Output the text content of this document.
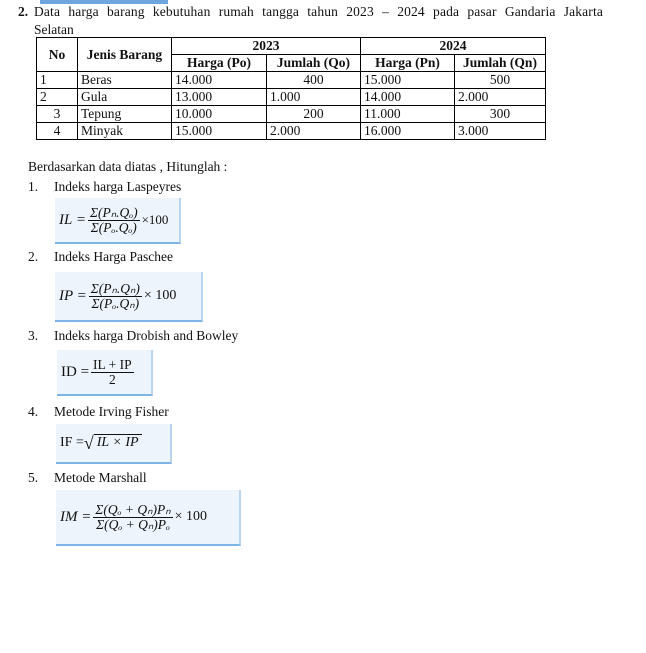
2. Data harga barang kebutuhan rumah tangga tahun 2023 – 2024 pada pasar Gandaria Jakarta
Selatan
No	Jenis Barang	2023		2024	
		Harga (Po)	Jumlah (Qo)	Harga (Pn)	Jumlah (Qn)
1	Beras	14.000	400	15.000	500
2	Gula	13.000	1.000	14.000	2.000
3	Tepung	10.000	200	11.000	300
4	Minyak	15.000	2.000	16.000	3.000
Berdasarkan data diatas , Hitunglah :
1. Indeks harga Laspeyres
IL = $\frac{\text{Σ(Pₙ.Qₒ)}}{\text{Σ(Pₒ.Qₒ)}} \times 100$
2. Indeks Harga Paschee
IP = $\frac{\text{Σ(Pₙ.Qₙ)}}{\text{Σ(Pₒ.Qₙ)}} \times 100$
3. Indeks harga Drobish and Bowley
ID = $\frac{IL + IP}{2}$
4. Metode Irving Fisher
IF = √ IL × IP
5. Metode Marshall
IM = $\frac{\text{Σ(Qₒ + Qₙ)Pₙ}}{\text{Σ(Qₒ + Qₙ)Pₒ}} \times 100$
